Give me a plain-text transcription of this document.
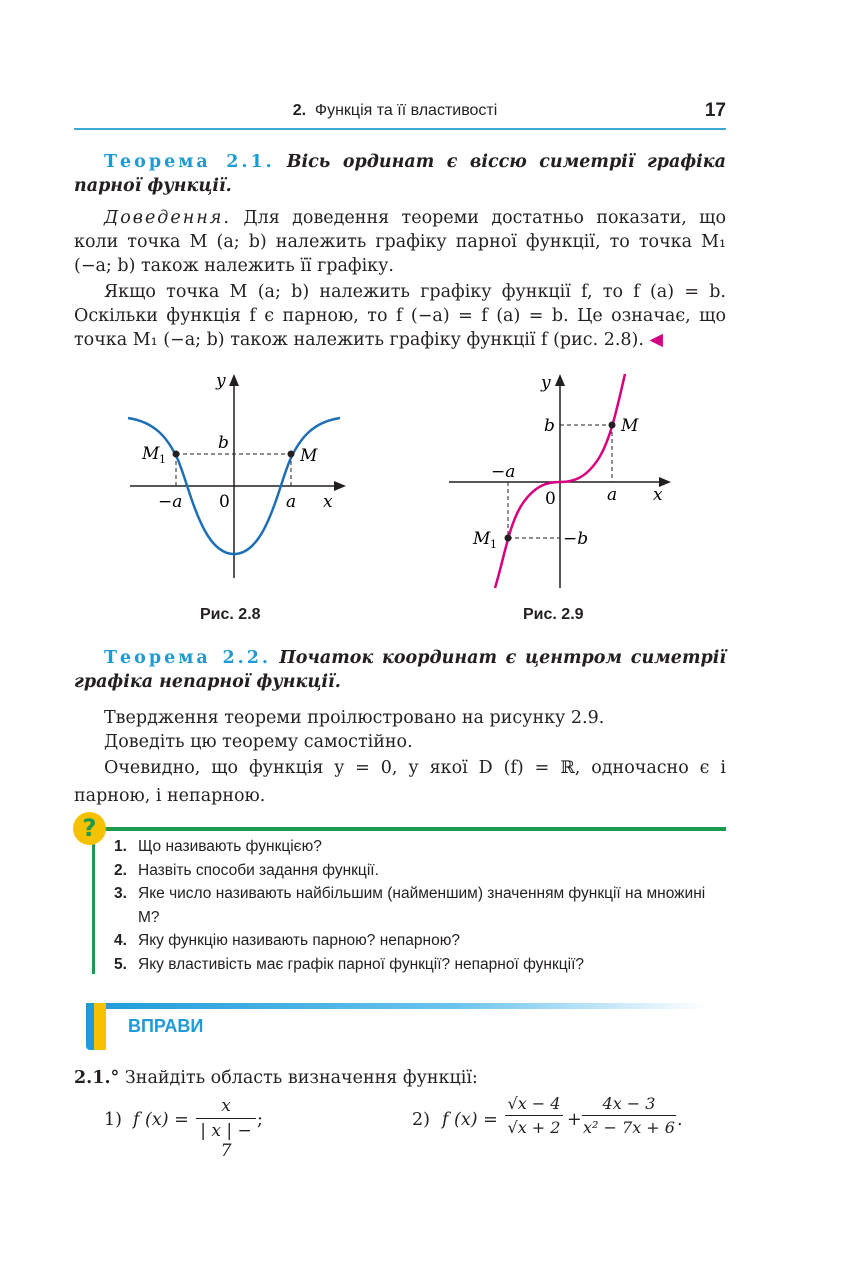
2. Функція та її властивості	17
Теорема 2.1. Вісь ординат є віссю симетрії графіка парної функції.
Доведення. Для доведення теореми достатньо показати, що коли точка M (a; b) належить графіку парної функції, то точка M₁ (−a; b) також належить її графіку.
Якщо точка M (a; b) належить графіку функції f, то f (a) = b. Оскільки функція f є парною, то f (−a) = f (a) = b. Це означає, що точка M₁ (−a; b) також належить графіку функції f (рис. 2.8). ◀
y
x
0
b
a
−a
M
M 1
Рис. 2.8
y
x
0
b
−b
a
−a
M
M 1
Рис. 2.9
Теорема 2.2. Початок координат є центром симетрії графіка непарної функції.
Твердження теореми проілюстровано на рисунку 2.9.
Доведіть цю теорему самостійно.
Очевидно, що функція y = 0, у якої D (f) = ℝ, одночасно є і парною, і непарною.
?
1. Що називають функцією?
2. Назвіть способи задання функції.
3. Яке число називають найбільшим (найменшим) значенням функції на множині M?
4. Яку функцію називають парною? непарною?
5. Яку властивість має графік парної функції? непарної функції?
ВПРАВИ
2.1.° Знайдіть область визначення функції:
1) f $(x) = \frac{x}{| x | - 7}$ ;	2) f $(x) = \frac{√x - 4}{√x + 2} + \frac{4x - 3}{\text{x² − 7x + 6}}$ .
